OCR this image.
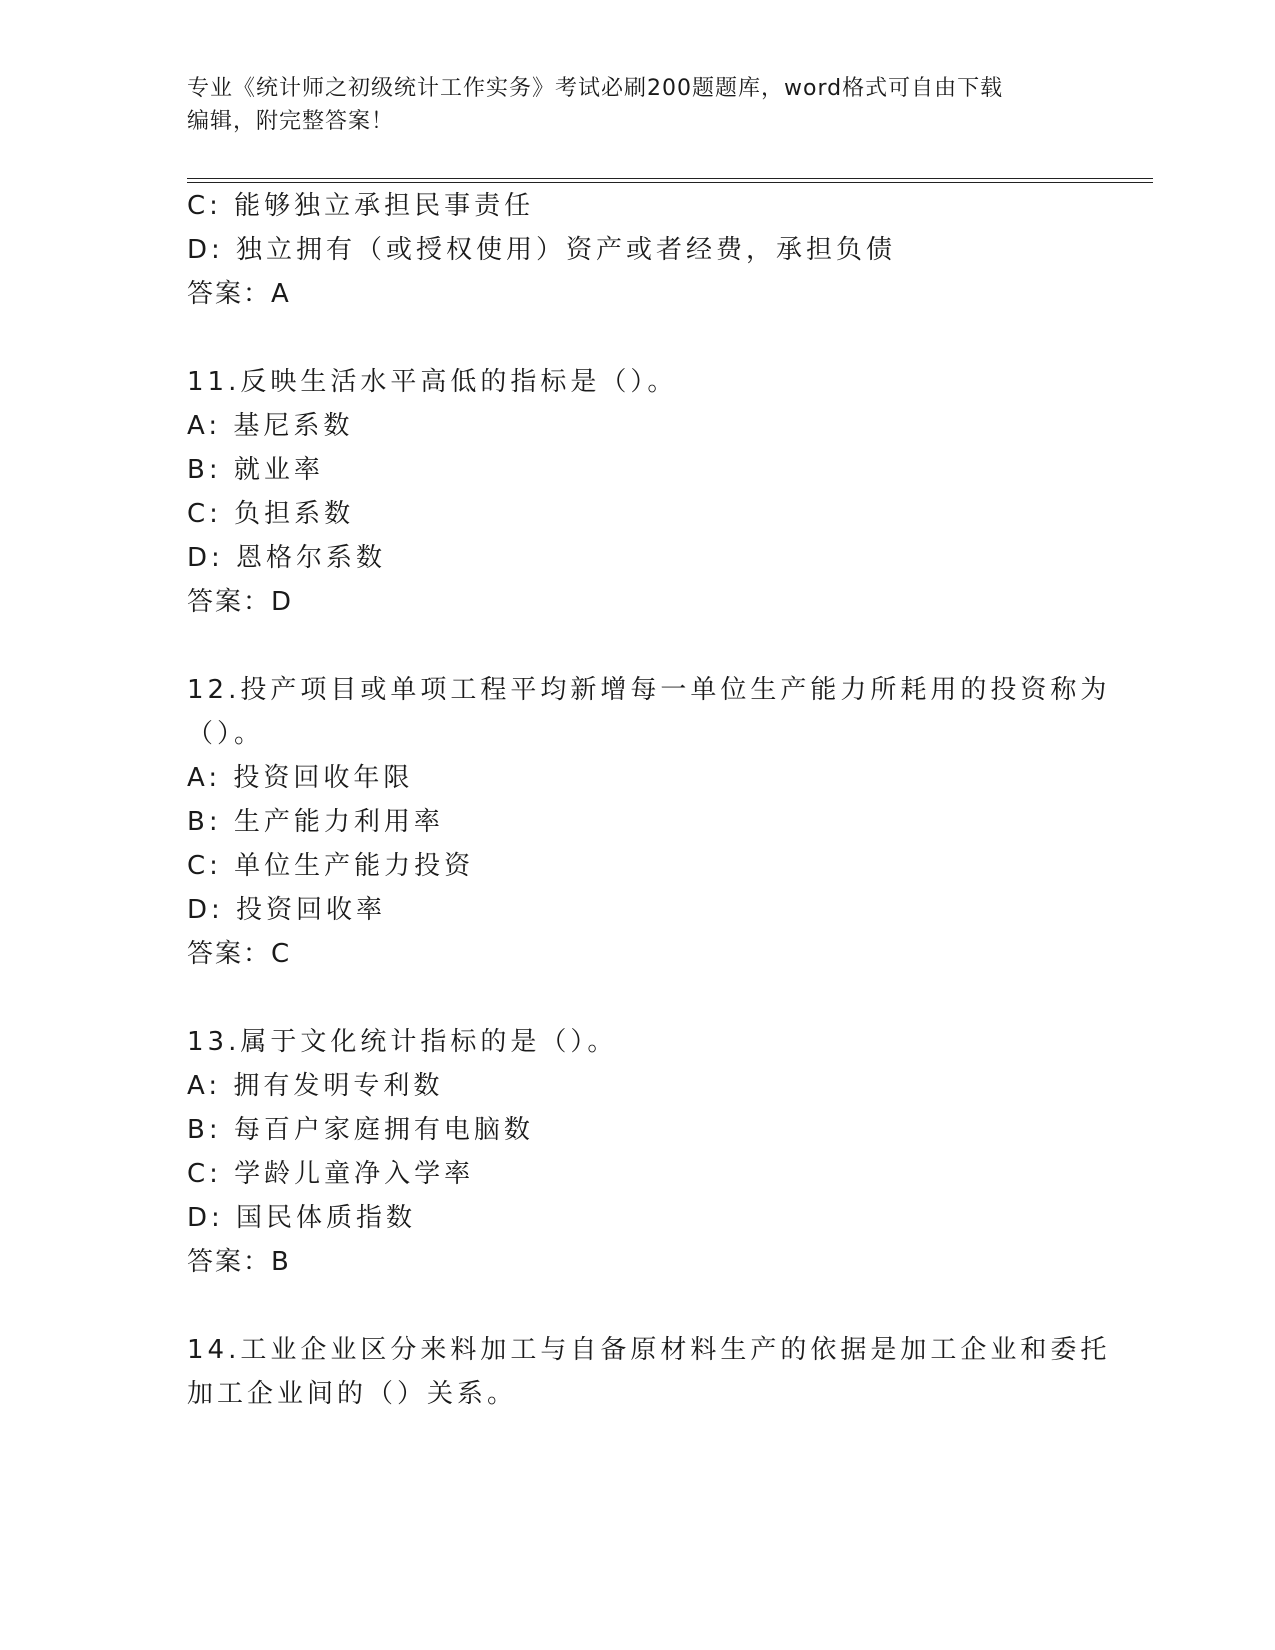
专业《统计师之初级统计工作实务》考试必刷200题题库，word格式可自由下载
编辑，附完整答案！
C: 能够独立承担民事责任
D: 独立拥有（或授权使用）资产或者经费，承担负债
答案：A
11.反映生活水平高低的指标是（）。
A: 基尼系数
B: 就业率
C: 负担系数
D: 恩格尔系数
答案：D
12.投产项目或单项工程平均新增每一单位生产能力所耗用的投资称为
（）。
A: 投资回收年限
B: 生产能力利用率
C: 单位生产能力投资
D: 投资回收率
答案：C
13.属于文化统计指标的是（）。
A: 拥有发明专利数
B: 每百户家庭拥有电脑数
C: 学龄儿童净入学率
D: 国民体质指数
答案：B
14.工业企业区分来料加工与自备原材料生产的依据是加工企业和委托
加工企业间的（）关系。
